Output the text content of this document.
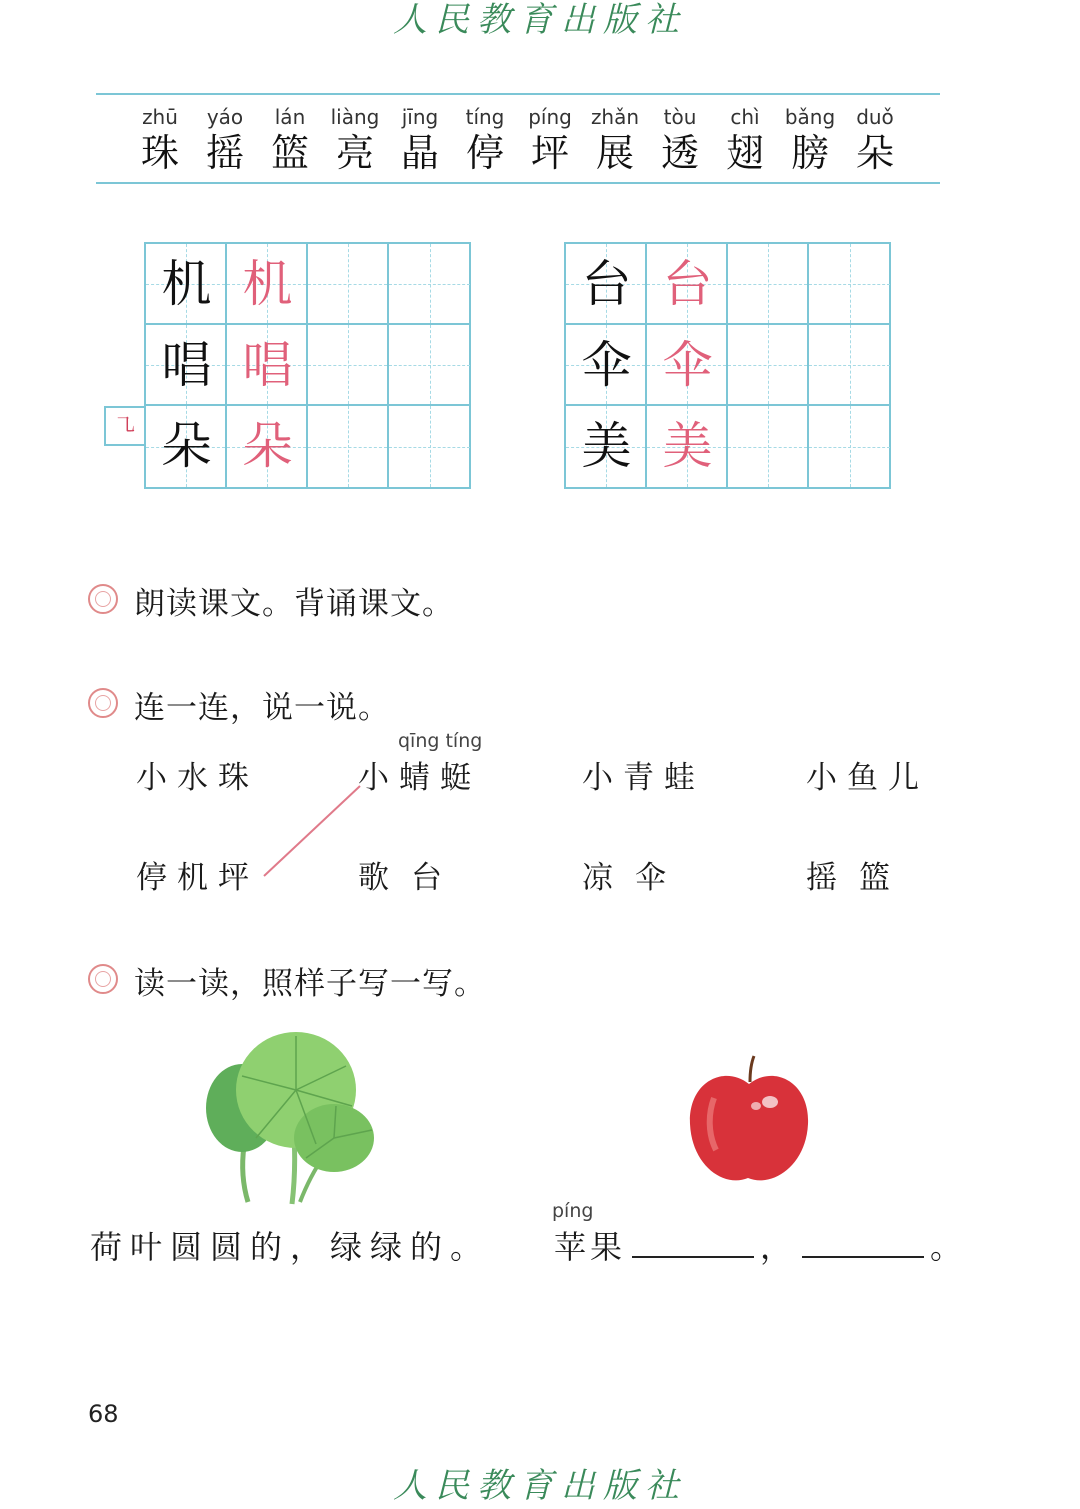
人民教育出版社
zhū
珠
yáo
摇
lán
篮
liàng
亮
jīng
晶
tíng
停
píng
坪
zhǎn
展
tòu
透
chì
翅
bǎng
膀
duǒ
朵
机 机
唱 唱
朵 朵
台 台
伞 伞
美 美
㇈
朗读课文。背诵课文。
连一连，说一说。
qīng tíng
小水珠	小蜻蜓	小青蛙	小鱼儿
停机坪	歌台	凉伞	摇篮
读一读，照样子写一写。
荷叶圆圆的，绿绿的。
píng
苹果	，	。
68
人民教育出版社
